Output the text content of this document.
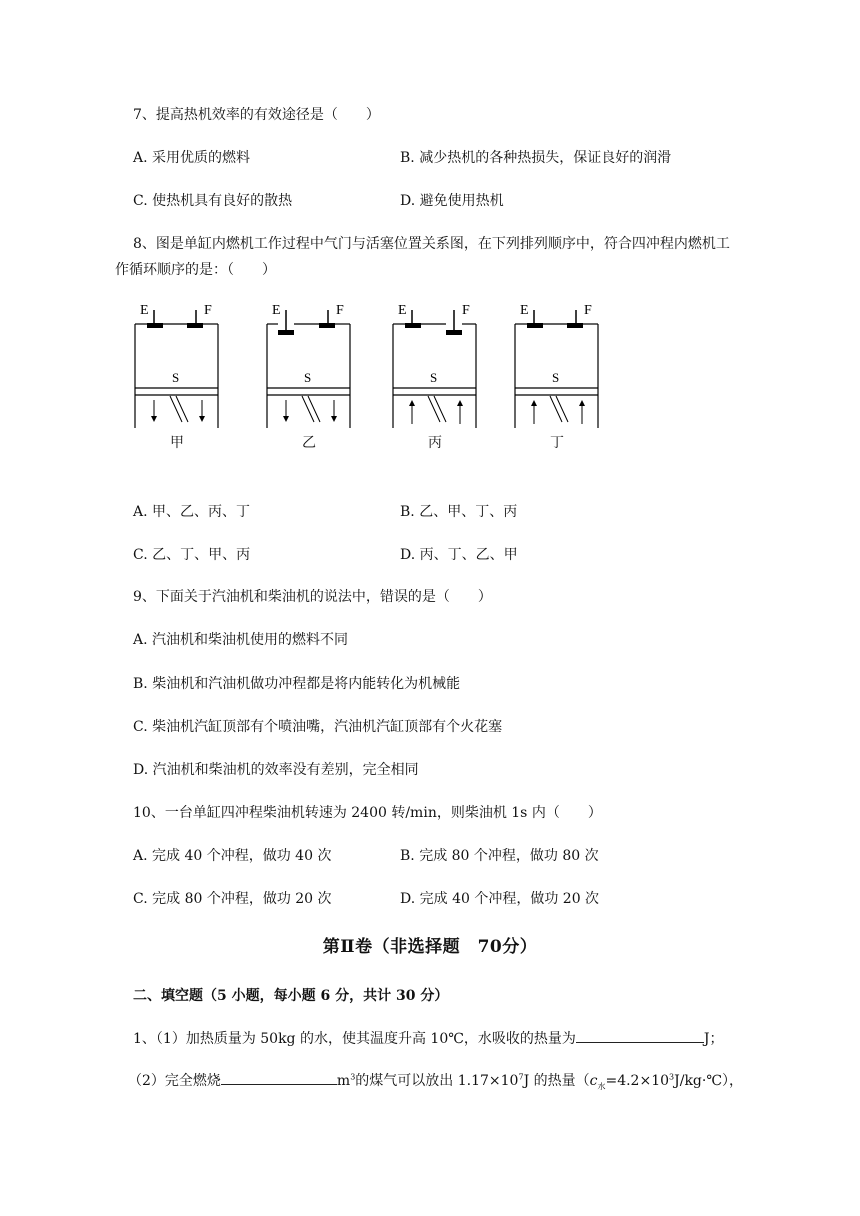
7、提高热机效率的有效途径是（　　）
A. 采用优质的燃料	B. 减少热机的各种热损失，保证良好的润滑
C. 使热机具有良好的散热	D. 避免使用热机
8、图是单缸内燃机工作过程中气门与活塞位置关系图，在下列排列顺序中，符合四冲程内燃机工
作循环顺序的是：（　　）
E	F
S
甲
E	F
S
乙
E	F
S
丙
E	F
S
丁
A. 甲、乙、丙、丁	B. 乙、甲、丁、丙
C. 乙、丁、甲、丙	D. 丙、丁、乙、甲
9、下面关于汽油机和柴油机的说法中，错误的是（　　）
A. 汽油机和柴油机使用的燃料不同
B. 柴油机和汽油机做功冲程都是将内能转化为机械能
C. 柴油机汽缸顶部有个喷油嘴，汽油机汽缸顶部有个火花塞
D. 汽油机和柴油机的效率没有差别，完全相同
10、一台单缸四冲程柴油机转速为 2400 转/min，则柴油机 1s 内（　　）
A. 完成 40 个冲程，做功 40 次	B. 完成 80 个冲程，做功 80 次
C. 完成 80 个冲程，做功 20 次	D. 完成 40 个冲程，做功 20 次
第Ⅱ卷（非选择题　70分）
二、填空题（5 小题，每小题 6 分，共计 30 分）
1、（1）加热质量为 50kg 的水，使其温度升高 10℃，水吸收的热量为	J；
（2）完全燃烧	$m^3$的煤气可以放出 $1.17\times 10^7J$ 的热量$(c_水=4.2\times 10^3J/kg\cdot℃)$，
